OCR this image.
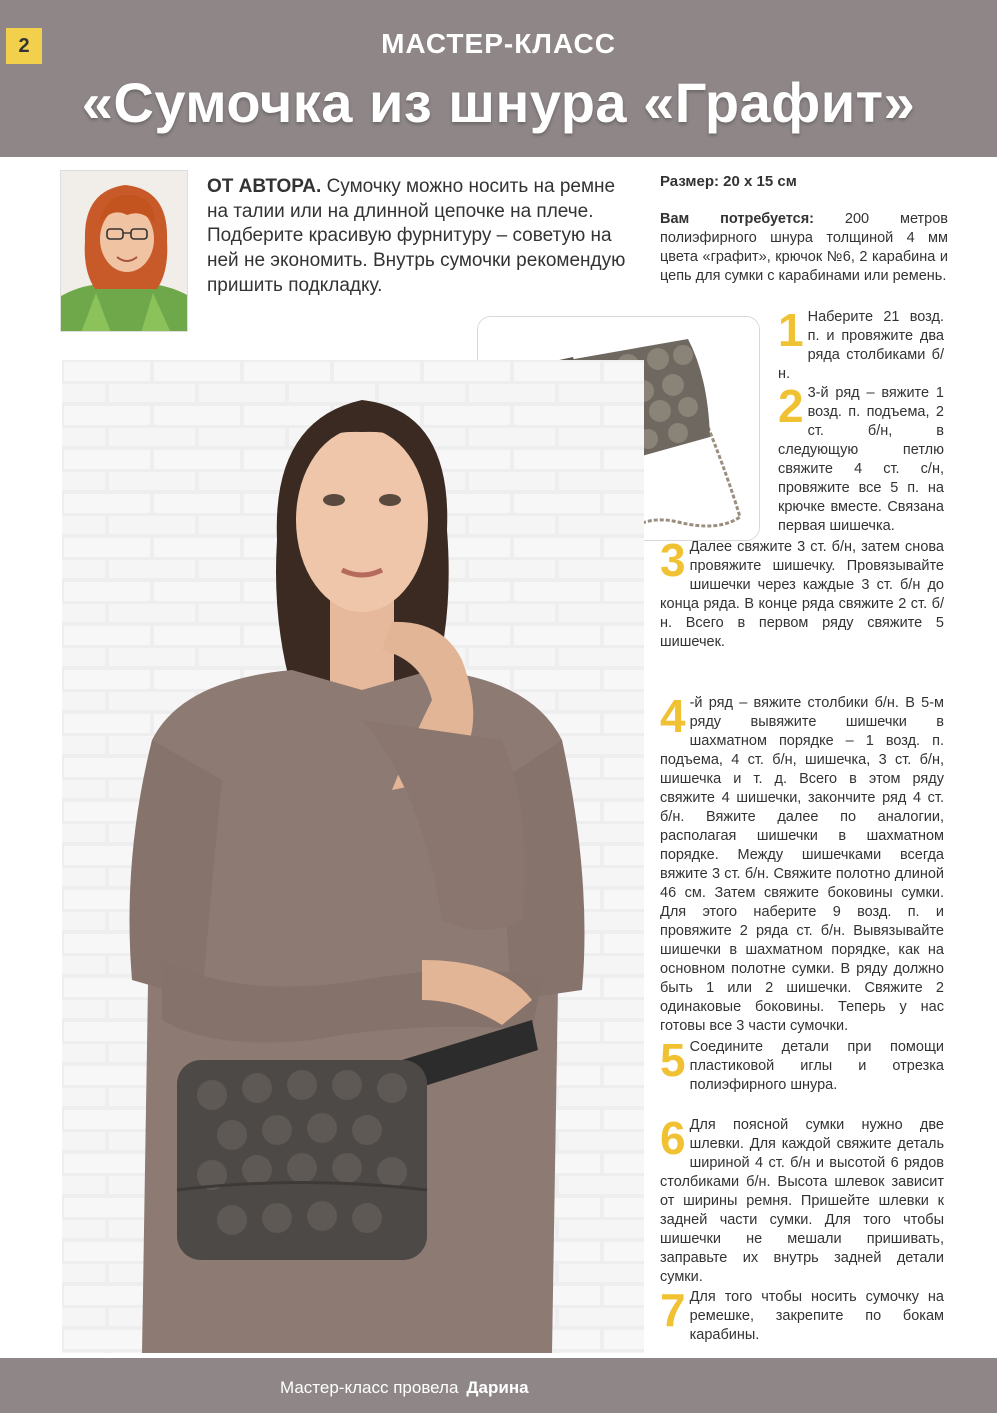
2	МАСТЕР-КЛАСС
«Сумочка из шнура «Графит»
ОТ АВТОРА. Сумочку можно носить на ремне на талии или на длинной цепочке на плече. Подберите красивую фурнитуру – советую на ней не экономить. Внутрь сумочки рекомендую пришить подкладку.
Размер: 20 х 15 см
Вам потребуется: 200 метров полиэфирного шнура толщиной 4 мм цвета «графит», крючок №6, 2 карабина и цепь для сумки с карабинами или ремень.
1 Наберите 21 возд. п. и провяжите два ряда столбиками б/н.
2 3-й ряд – вяжите 1 возд. п. подъема, 2 ст. б/н, в следующую петлю свяжите 4 ст. с/н, провяжите все 5 п. на крючке вместе. Связана первая шишечка.
3 Далее свяжите 3 ст. б/н, затем снова провяжите шишечку. Провязывайте шишечки через каждые 3 ст. б/н до конца ряда. В конце ряда свяжите 2 ст. б/н. Всего в первом ряду свяжите 5 шишечек.
4 -й ряд – вяжите столбики б/н. В 5-м ряду вывяжите шишечки в шахматном порядке – 1 возд. п. подъема, 4 ст. б/н, шишечка, 3 ст. б/н, шишечка и т. д. Всего в этом ряду свяжите 4 шишечки, закончите ряд 4 ст. б/н. Вяжите далее по аналогии, располагая шишечки в шахматном порядке. Между шишечками всегда вяжите 3 ст. б/н. Свяжите полотно длиной 46 см. Затем свяжите боковины сумки. Для этого наберите 9 возд. п. и провяжите 2 ряда ст. б/н. Вывязывайте шишечки в шахматном порядке, как на основном полотне сумки. В ряду должно быть 1 или 2 шишечки. Свяжите 2 одинаковые боковины. Теперь у нас готовы все 3 части сумочки.
5 Соедините детали при помощи пластиковой иглы и отрезка полиэфирного шнура.
6 Для поясной сумки нужно две шлевки. Для каждой свяжите деталь шириной 4 ст. б/н и высотой 6 рядов столбиками б/н. Высота шлевок зависит от ширины ремня. Пришейте шлевки к задней части сумки. Для того чтобы шишечки не мешали пришивать, заправьте их внутрь задней детали сумки.
7 Для того чтобы носить сумочку на ремешке, закрепите по бокам карабины.
Мастер-класс провела Дарина
